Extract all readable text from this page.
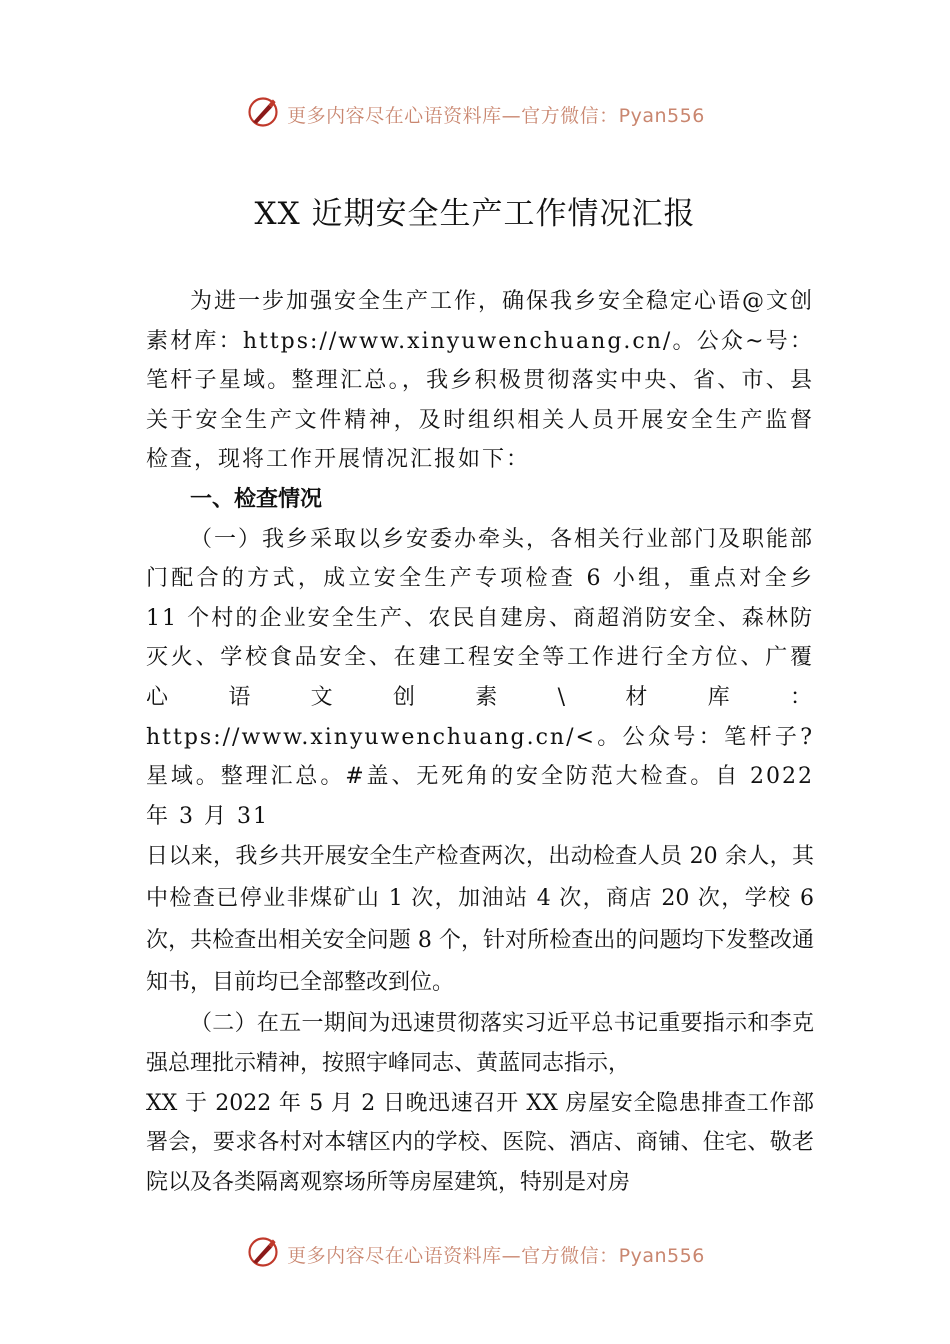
更多内容尽在心语资料库—官方微信：Pyan556
XX 近期安全生产工作情况汇报

为进一步加强安全生产工作，确保我乡安全稳定心语@文创素材库：https://www.xinyuwenchuang.cn/。公众~号：笔杆子星域。整理汇总。，我乡积极贯彻落实中央、省、市、县关于安全生产文件精神，及时组织相关人员开展安全生产监督检查，现将工作开展情况汇报如下：

一、检查情况

（一）我乡采取以乡安委办牵头，各相关行业部门及职能部门配合的方式，成立安全生产专项检查 6 小组，重点对全乡 11 个村的企业安全生产、农民自建房、商超消防安全、森林防灭火、学校食品安全、在建工程安全等工作进行全方位、广覆心语文创素\材库：https://www.xinyuwenchuang.cn/<。公众号：笔杆子?星域。整理汇总。#盖、无死角的安全防范大检查。自 2022 年 3 月 31

日以来，我乡共开展安全生产检查两次，出动检查人员 20 余人，其中检查已停业非煤矿山 1 次，加油站 4 次，商店 20 次，学校 6 次，共检查出相关安全问题 8 个，针对所检查出的问题均下发整改通知书，目前均已全部整改到位。

（二）在五一期间为迅速贯彻落实习近平总书记重要指示和李克强总理批示精神，按照宇峰同志、黄蓝同志指示，

XX 于 2022 年 5 月 2 日晚迅速召开 XX 房屋安全隐患排查工作部署会，要求各村对本辖区内的学校、医院、酒店、商铺、住宅、敬老院以及各类隔离观察场所等房屋建筑，特别是对房

更多内容尽在心语资料库—官方微信：Pyan556
